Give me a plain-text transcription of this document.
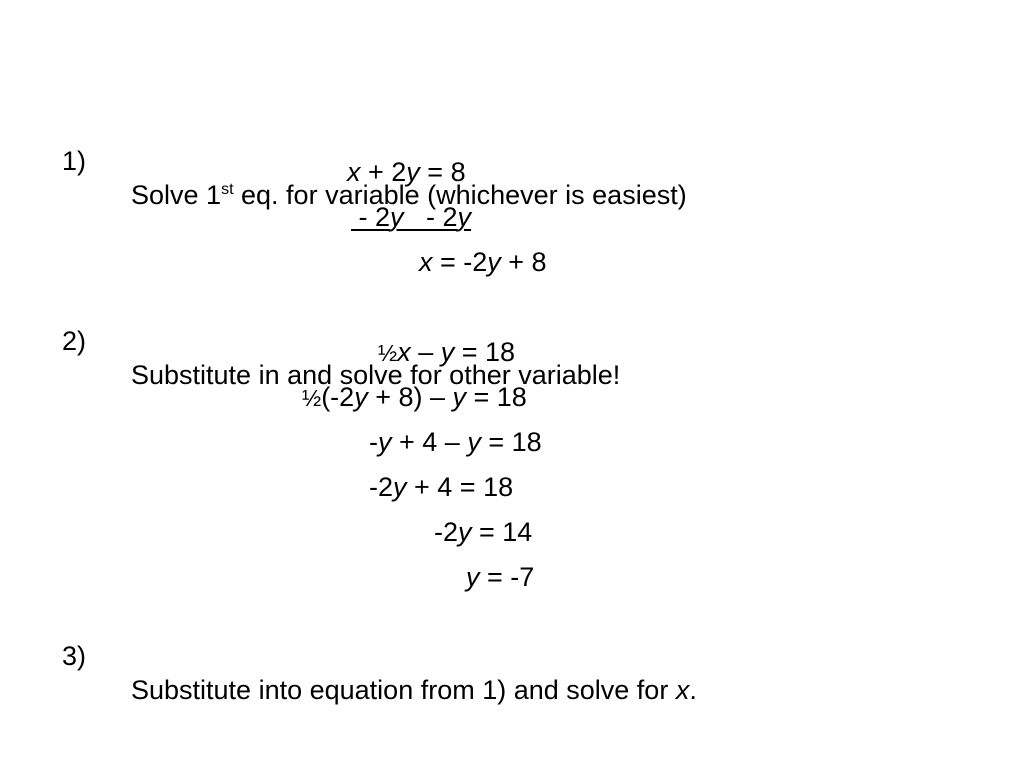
1)

Solve 1st eq. for variable (whichever is easiest)

x + 2y = 8
- 2y   - 2y
x = -2y + 8

2)

Substitute in and solve for other variable!

½x – y = 18
½(-2y + 8) – y = 18
-y + 4 – y = 18
-2y + 4 = 18
-2y = 14
y = -7

3)

Substitute into equation from 1) and solve for x.
